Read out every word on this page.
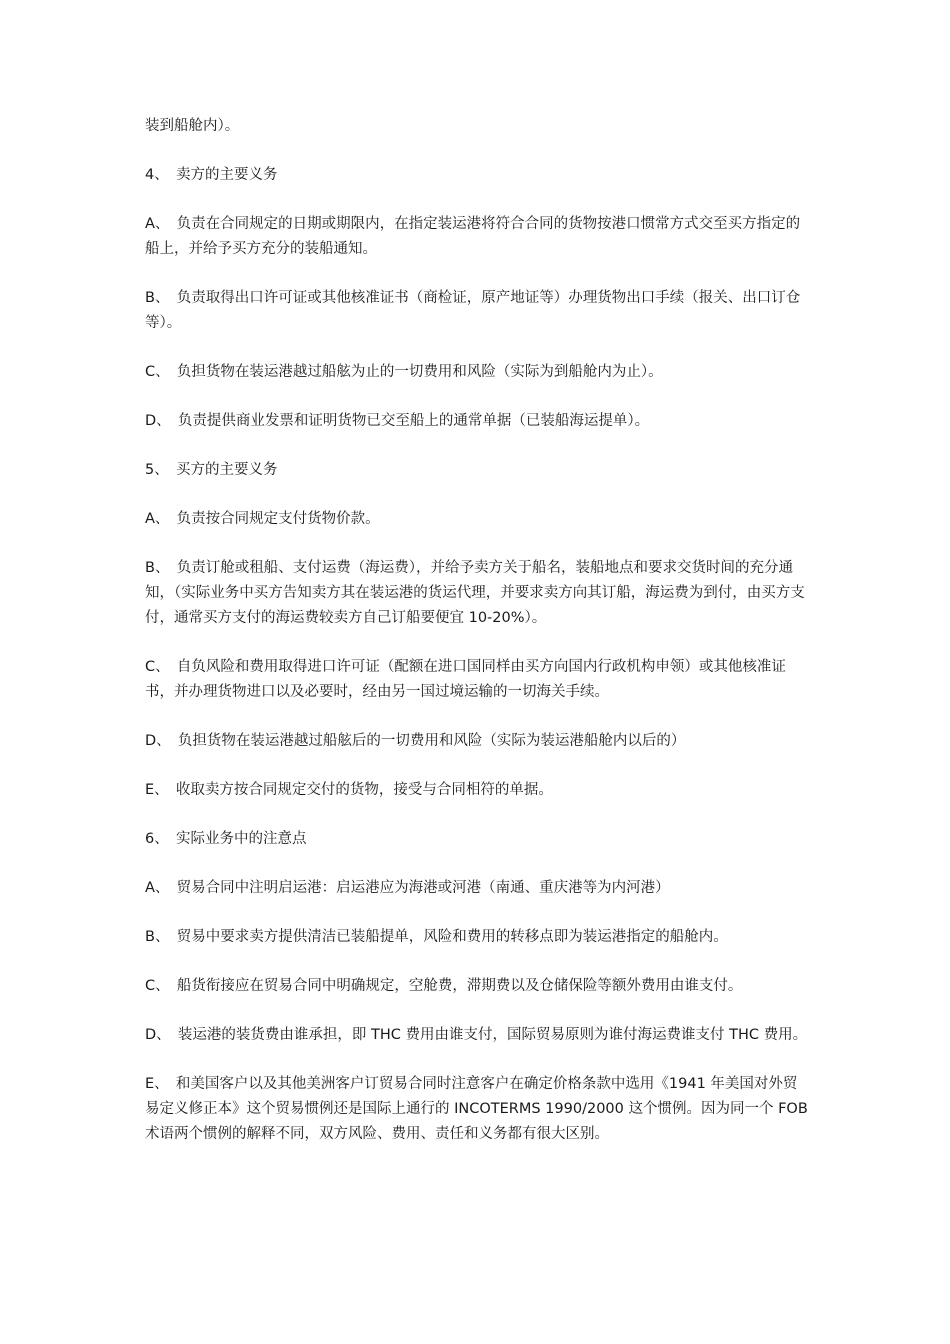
装到船舱内）。

4、　卖方的主要义务

A、　负责在合同规定的日期或期限内，在指定装运港将符合合同的货物按港口惯常方式交至买方指定的船上，并给予买方充分的装船通知。

B、　负责取得出口许可证或其他核准证书（商检证，原产地证等）办理货物出口手续（报关、出口订仓等）。

C、　负担货物在装运港越过船舷为止的一切费用和风险（实际为到船舱内为止）。

D、　负责提供商业发票和证明货物已交至船上的通常单据（已装船海运提单）。

5、　买方的主要义务

A、　负责按合同规定支付货物价款。

B、　负责订舱或租船、支付运费（海运费），并给予卖方关于船名，装船地点和要求交货时间的充分通知，（实际业务中买方告知卖方其在装运港的货运代理，并要求卖方向其订船，海运费为到付，由买方支付，通常买方支付的海运费较卖方自己订船要便宜 10-20%）。

C、　自负风险和费用取得进口许可证（配额在进口国同样由买方向国内行政机构申领）或其他核准证书，并办理货物进口以及必要时，经由另一国过境运输的一切海关手续。

D、　负担货物在装运港越过船舷后的一切费用和风险（实际为装运港船舱内以后的）

E、　收取卖方按合同规定交付的货物，接受与合同相符的单据。

6、　实际业务中的注意点

A、　贸易合同中注明启运港：启运港应为海港或河港（南通、重庆港等为内河港）

B、　贸易中要求卖方提供清洁已装船提单，风险和费用的转移点即为装运港指定的船舱内。

C、　船货衔接应在贸易合同中明确规定，空舱费，滞期费以及仓储保险等额外费用由谁支付。

D、　装运港的装货费由谁承担，即 THC 费用由谁支付，国际贸易原则为谁付海运费谁支付 THC 费用。

E、　和美国客户以及其他美洲客户订贸易合同时注意客户在确定价格条款中选用《1941 年美国对外贸易定义修正本》这个贸易惯例还是国际上通行的 INCOTERMS 1990/2000 这个惯例。因为同一个 FOB 术语两个惯例的解释不同，双方风险、费用、责任和义务都有很大区别。
